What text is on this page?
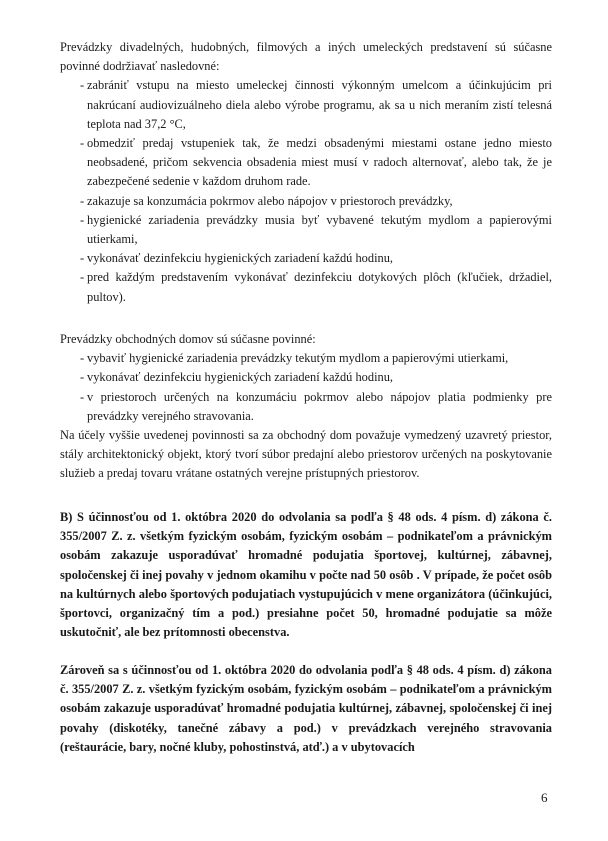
Prevádzky divadelných, hudobných, filmových a iných umeleckých predstavení sú súčasne povinné dodržiavať nasledovné:
- zabrániť vstupu na miesto umeleckej činnosti výkonným umelcom a účinkujúcim pri nakrúcaní audiovizuálneho diela alebo výrobe programu, ak sa u nich meraním zistí telesná teplota nad 37,2 °C,
- obmedziť predaj vstupeniek tak, že medzi obsadenými miestami ostane jedno miesto neobsadené, pričom sekvencia obsadenia miest musí v radoch alternovať, alebo tak, že je zabezpečené sedenie v každom druhom rade.
- zakazuje sa konzumácia pokrmov alebo nápojov v priestoroch prevádzky,
- hygienické zariadenia prevádzky musia byť vybavené tekutým mydlom a papierovými utierkami,
- vykonávať dezinfekciu hygienických zariadení každú hodinu,
- pred každým predstavením vykonávať dezinfekciu dotykových plôch (kľučiek, držadiel, pultov).
Prevádzky obchodných domov sú súčasne povinné:
- vybaviť hygienické zariadenia prevádzky tekutým mydlom a papierovými utierkami,
- vykonávať dezinfekciu hygienických zariadení každú hodinu,
- v priestoroch určených na konzumáciu pokrmov alebo nápojov platia podmienky pre prevádzky verejného stravovania.
Na účely vyššie uvedenej povinnosti sa za obchodný dom považuje vymedzený uzavretý priestor, stály architektonický objekt, ktorý tvorí súbor predajní alebo priestorov určených na poskytovanie služieb a predaj tovaru vrátane ostatných verejne prístupných priestorov.
B) S účinnosťou od 1. októbra 2020 do odvolania sa podľa § 48 ods. 4 písm. d) zákona č. 355/2007 Z. z. všetkým fyzickým osobám, fyzickým osobám – podnikateľom a právnickým osobám zakazuje usporadúvať hromadné podujatia športovej, kultúrnej, zábavnej, spoločenskej či inej povahy v jednom okamihu v počte nad 50 osôb . V prípade, že počet osôb na kultúrnych alebo športových podujatiach vystupujúcich v mene organizátora (účinkujúci, športovci, organizačný tím a pod.) presiahne počet 50, hromadné podujatie sa môže uskutočniť, ale bez prítomnosti obecenstva.
Zároveň sa s účinnosťou od 1. októbra 2020 do odvolania podľa § 48 ods. 4 písm. d) zákona č. 355/2007 Z. z. všetkým fyzickým osobám, fyzickým osobám – podnikateľom a právnickým osobám zakazuje usporadúvať hromadné podujatia kultúrnej, zábavnej, spoločenskej či inej povahy (diskotéky, tanečné zábavy a pod.) v prevádzkach verejného stravovania (reštaurácie, bary, nočné kluby, pohostinstvá, atď.) a v ubytovacích
6
